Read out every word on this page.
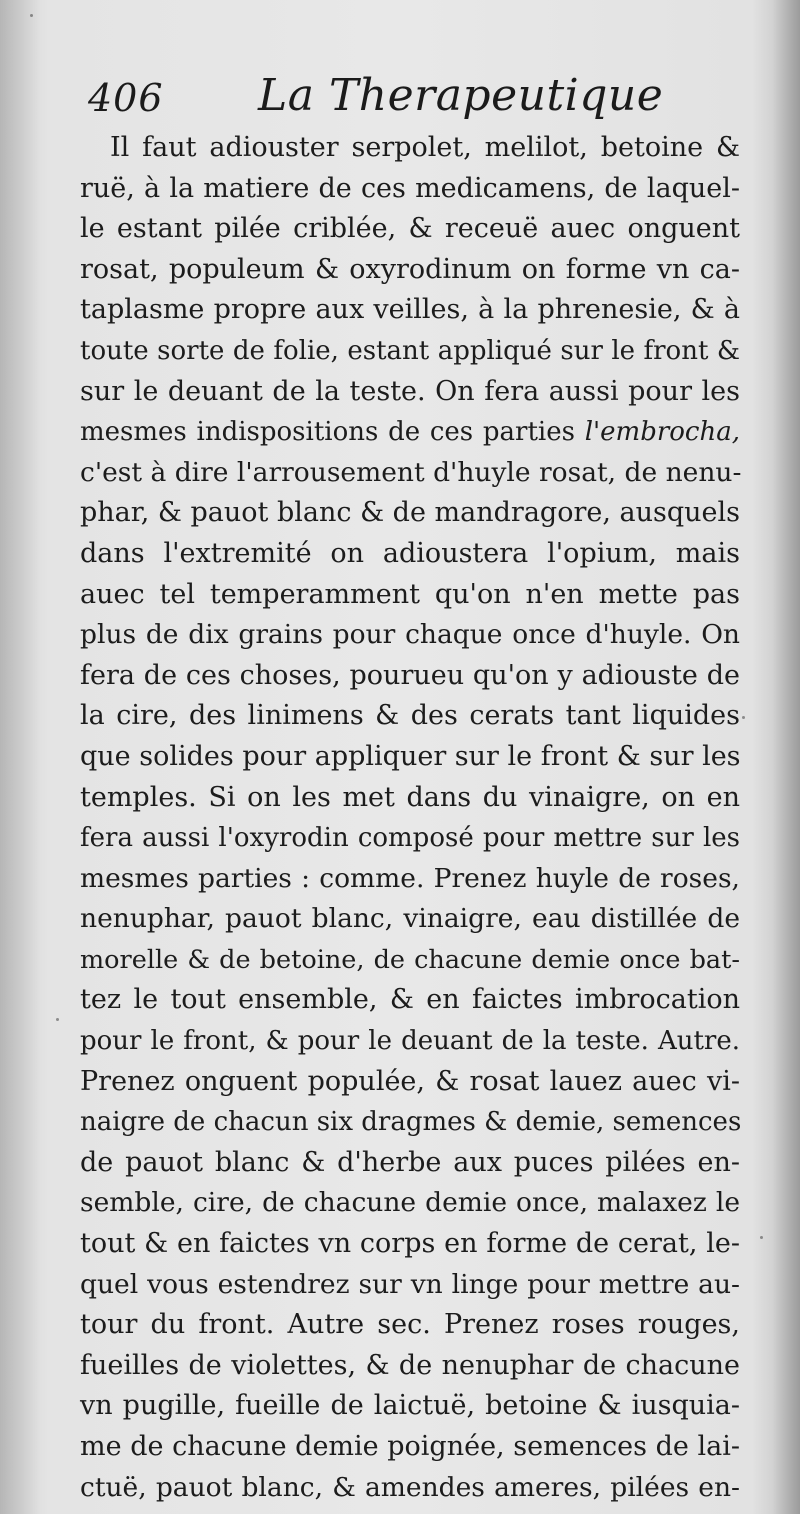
406 La Therapeutique
Il faut adiouster serpolet, melilot, betoine &
ruë, à la matiere de ces medicamens, de laquel-
le estant pilée criblée, & receuë auec onguent
rosat, populeum & oxyrodinum on forme vn ca-
taplasme propre aux veilles, à la phrenesie, & à
toute sorte de folie, estant appliqué sur le front &
sur le deuant de la teste. On fera aussi pour les
mesmes indispositions de ces parties l'embrocha,
c'est à dire l'arrousement d'huyle rosat, de nenu-
phar, & pauot blanc & de mandragore, ausquels
dans l'extremité on adioustera l'opium, mais
auec tel temperamment qu'on n'en mette pas
plus de dix grains pour chaque once d'huyle. On
fera de ces choses, pourueu qu'on y adiouste de
la cire, des linimens & des cerats tant liquides
que solides pour appliquer sur le front & sur les
temples. Si on les met dans du vinaigre, on en
fera aussi l'oxyrodin composé pour mettre sur les
mesmes parties : comme. Prenez huyle de roses,
nenuphar, pauot blanc, vinaigre, eau distillée de
morelle & de betoine, de chacune demie once bat-
tez le tout ensemble, & en faictes imbrocation
pour le front, & pour le deuant de la teste. Autre.
Prenez onguent populée, & rosat lauez auec vi-
naigre de chacun six dragmes & demie, semences
de pauot blanc & d'herbe aux puces pilées en-
semble, cire, de chacune demie once, malaxez le
tout & en faictes vn corps en forme de cerat, le-
quel vous estendrez sur vn linge pour mettre au-
tour du front. Autre sec. Prenez roses rouges,
fueilles de violettes, & de nenuphar de chacune
vn pugille, fueille de laictuë, betoine & iusquia-
me de chacune demie poignée, semences de lai-
ctuë, pauot blanc, & amendes ameres, pilées en-
